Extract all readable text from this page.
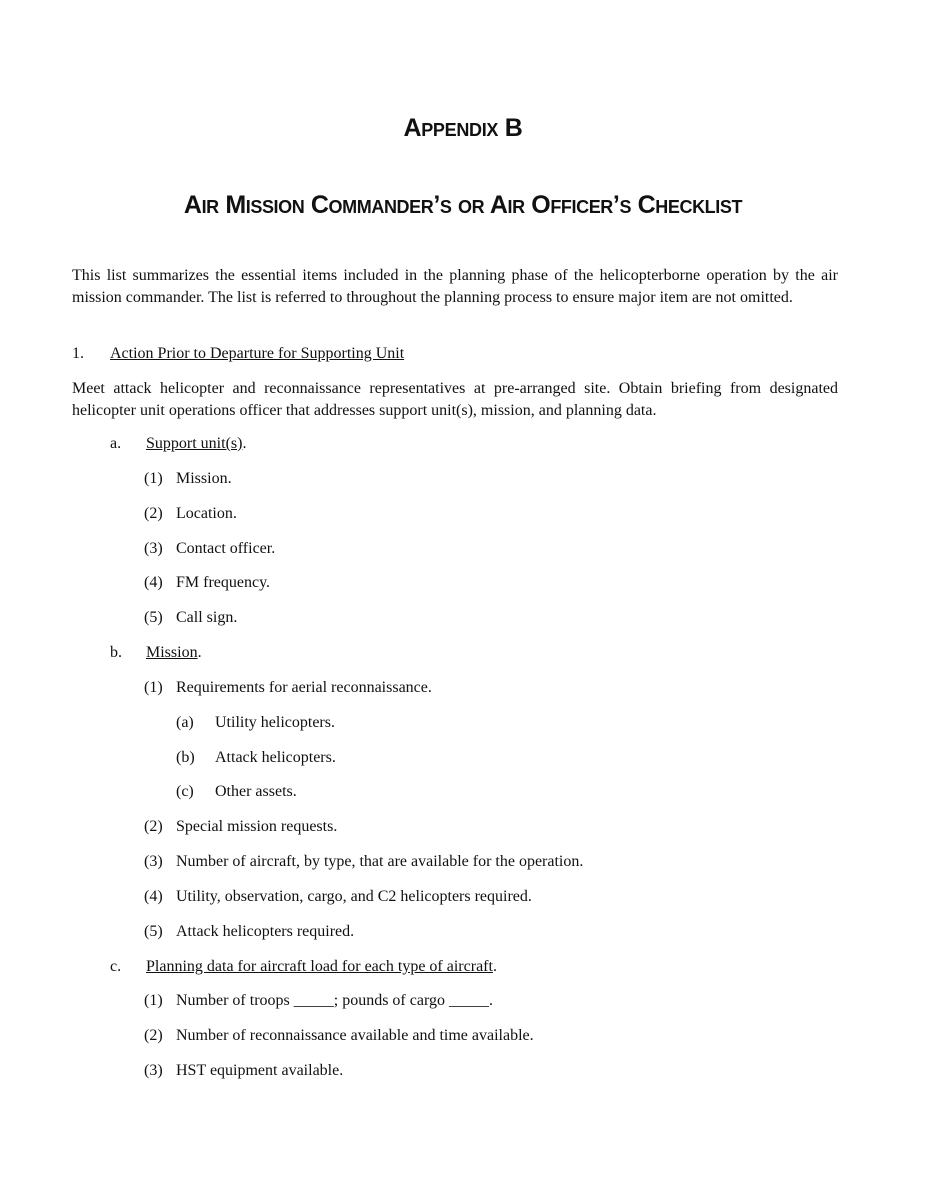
Appendix B
Air Mission Commander’s or Air Officer’s Checklist
This list summarizes the essential items included in the planning phase of the helicopterborne operation by the air mission commander. The list is referred to throughout the planning process to ensure major item are not omitted.
1. Action Prior to Departure for Supporting Unit
Meet attack helicopter and reconnaissance representatives at pre-arranged site. Obtain briefing from designated helicopter unit operations officer that addresses support unit(s), mission, and planning data.
a. Support unit(s).
(1) Mission.
(2) Location.
(3) Contact officer.
(4) FM frequency.
(5) Call sign.
b. Mission.
(1) Requirements for aerial reconnaissance.
(a) Utility helicopters.
(b) Attack helicopters.
(c) Other assets.
(2) Special mission requests.
(3) Number of aircraft, by type, that are available for the operation.
(4) Utility, observation, cargo, and C2 helicopters required.
(5) Attack helicopters required.
c. Planning data for aircraft load for each type of aircraft.
(1) Number of troops _____; pounds of cargo _____.
(2) Number of reconnaissance available and time available.
(3) HST equipment available.
